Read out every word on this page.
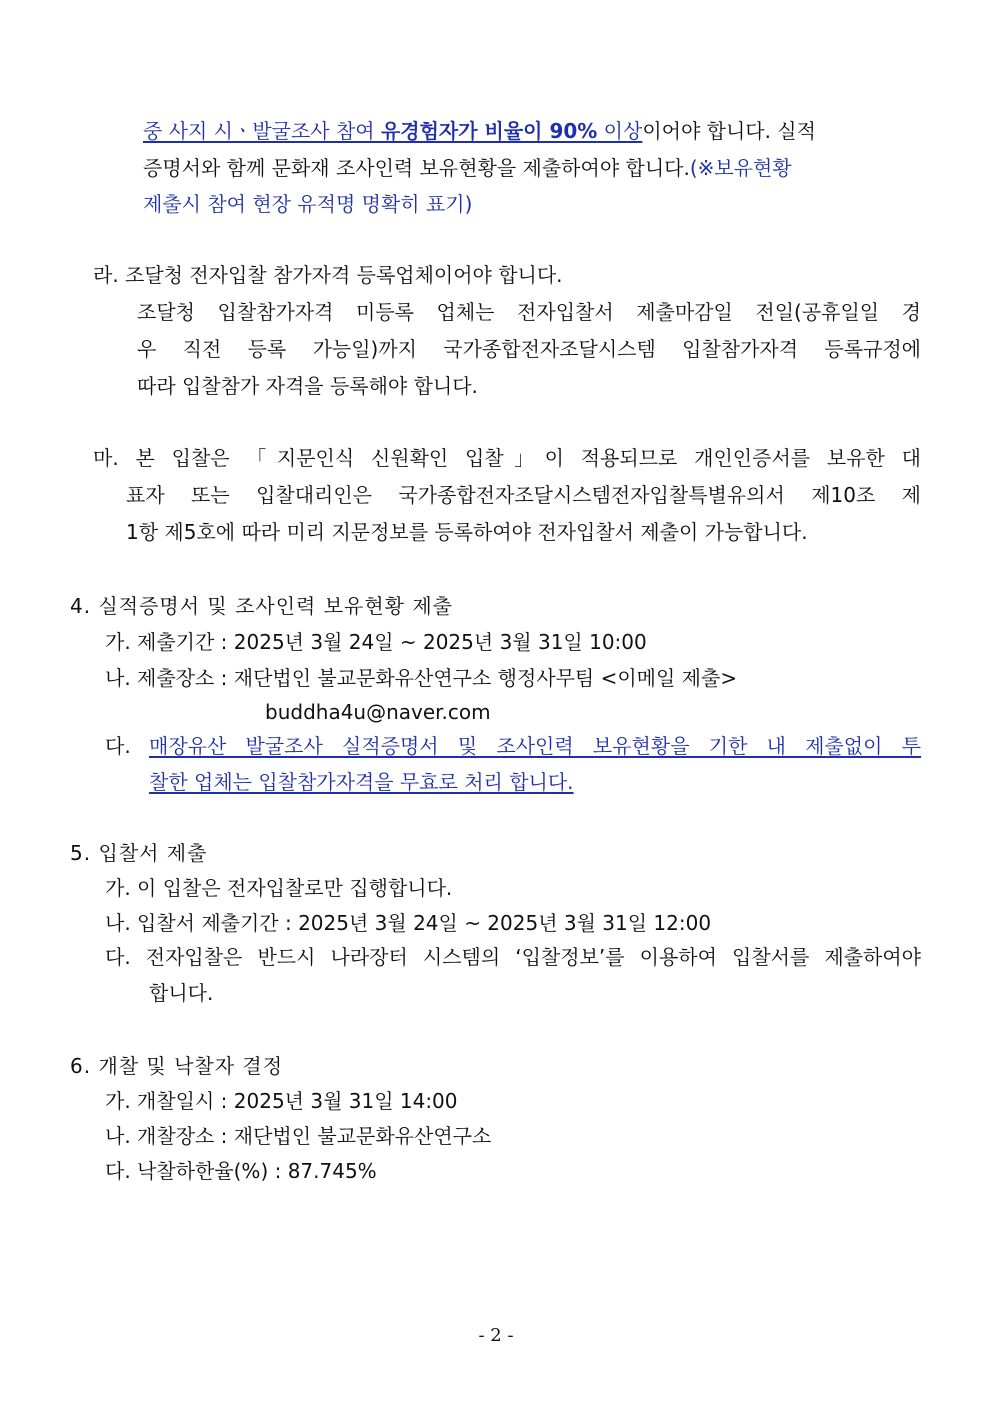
중 사지 시ㆍ발굴조사 참여 유경험자가 비율이 90% 이상이어야 합니다. 실적
증명서와 함께 문화재 조사인력 보유현황을 제출하여야 합니다.(※보유현황
제출시 참여 현장 유적명 명확히 표기)
라. 조달청 전자입찰 참가자격 등록업체이어야 합니다.
조달청 입찰참가자격 미등록 업체는 전자입찰서 제출마감일 전일(공휴일일 경
우 직전 등록 가능일)까지 국가종합전자조달시스템 입찰참가자격 등록규정에
따라 입찰참가 자격을 등록해야 합니다.
마. 본 입찰은 「지문인식 신원확인 입찰」이 적용되므로 개인인증서를 보유한 대
표자 또는 입찰대리인은 국가종합전자조달시스템전자입찰특별유의서 제10조 제
1항 제5호에 따라 미리 지문정보를 등록하여야 전자입찰서 제출이 가능합니다.
4. 실적증명서 및 조사인력 보유현황 제출
가. 제출기간 : 2025년 3월 24일 ~ 2025년 3월 31일 10:00
나. 제출장소 : 재단법인 불교문화유산연구소 행정사무팀 <이메일 제출>
buddha4u@naver.com
다. 매장유산 발굴조사 실적증명서 및 조사인력 보유현황을 기한 내 제출없이 투
찰한 업체는 입찰참가자격을 무효로 처리 합니다.
5. 입찰서 제출
가. 이 입찰은 전자입찰로만 집행합니다.
나. 입찰서 제출기간 : 2025년 3월 24일 ~ 2025년 3월 31일 12:00
다. 전자입찰은 반드시 나라장터 시스템의 ‘입찰정보’를 이용하여 입찰서를 제출하여야
합니다.
6. 개찰 및 낙찰자 결정
가. 개찰일시 : 2025년 3월 31일 14:00
나. 개찰장소 : 재단법인 불교문화유산연구소
다. 낙찰하한율(%) : 87.745%
- 2 -
